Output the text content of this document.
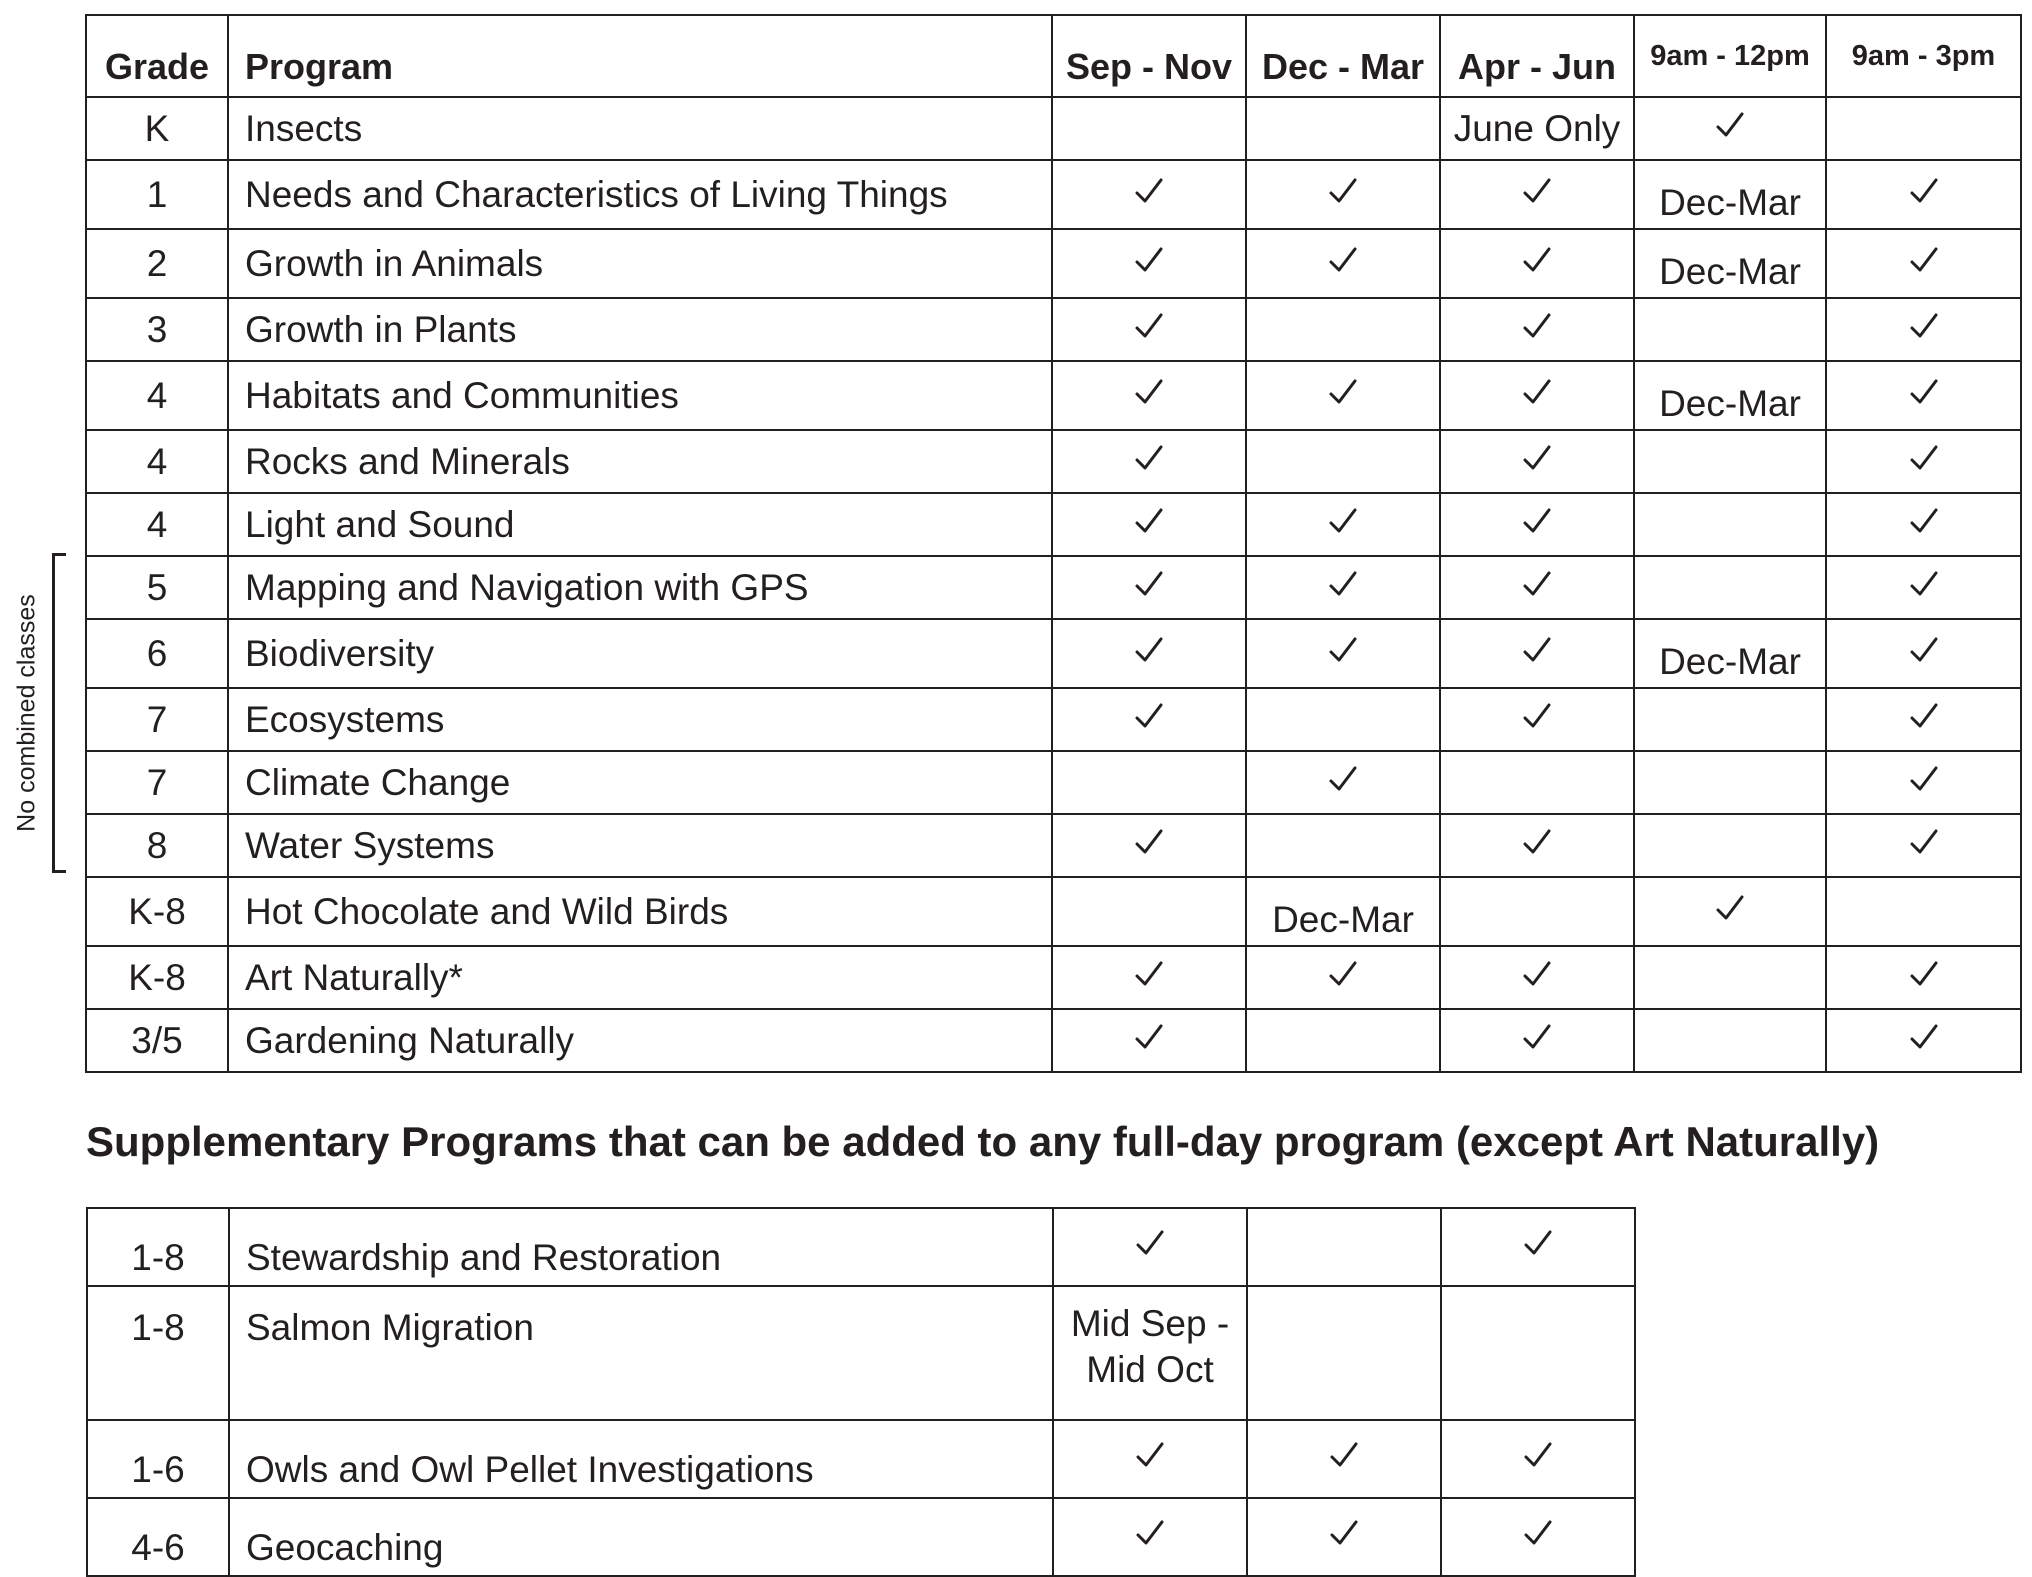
Grade	Program	Sep - Nov	Dec - Mar	Apr - Jun	9am - 12pm	9am - 3pm
K	Insects			June Only	

1	Needs and Characteristics of Living Things				Dec-Mar	

2	Growth in Animals				Dec-Mar	

3	Growth in Plants	

4	Habitats and Communities				Dec-Mar	

4	Rocks and Minerals	

4	Light and Sound	

5	Mapping and Navigation with GPS	

6	Biodiversity				Dec-Mar	

7	Ecosystems	

7	Climate Change		

8	Water Systems	

K-8	Hot Chocolate and Wild Birds		Dec-Mar		

K-8	Art Naturally*	

3/5	Gardening Naturally	

No combined classes
Supplementary Programs that can be added to any full-day program (except Art Naturally)
1-8	Stewardship and Restoration	

1-8	Salmon Migration	Mid Sep - Mid Oct		
1-6	Owls and Owl Pellet Investigations	

4-6	Geocaching	
